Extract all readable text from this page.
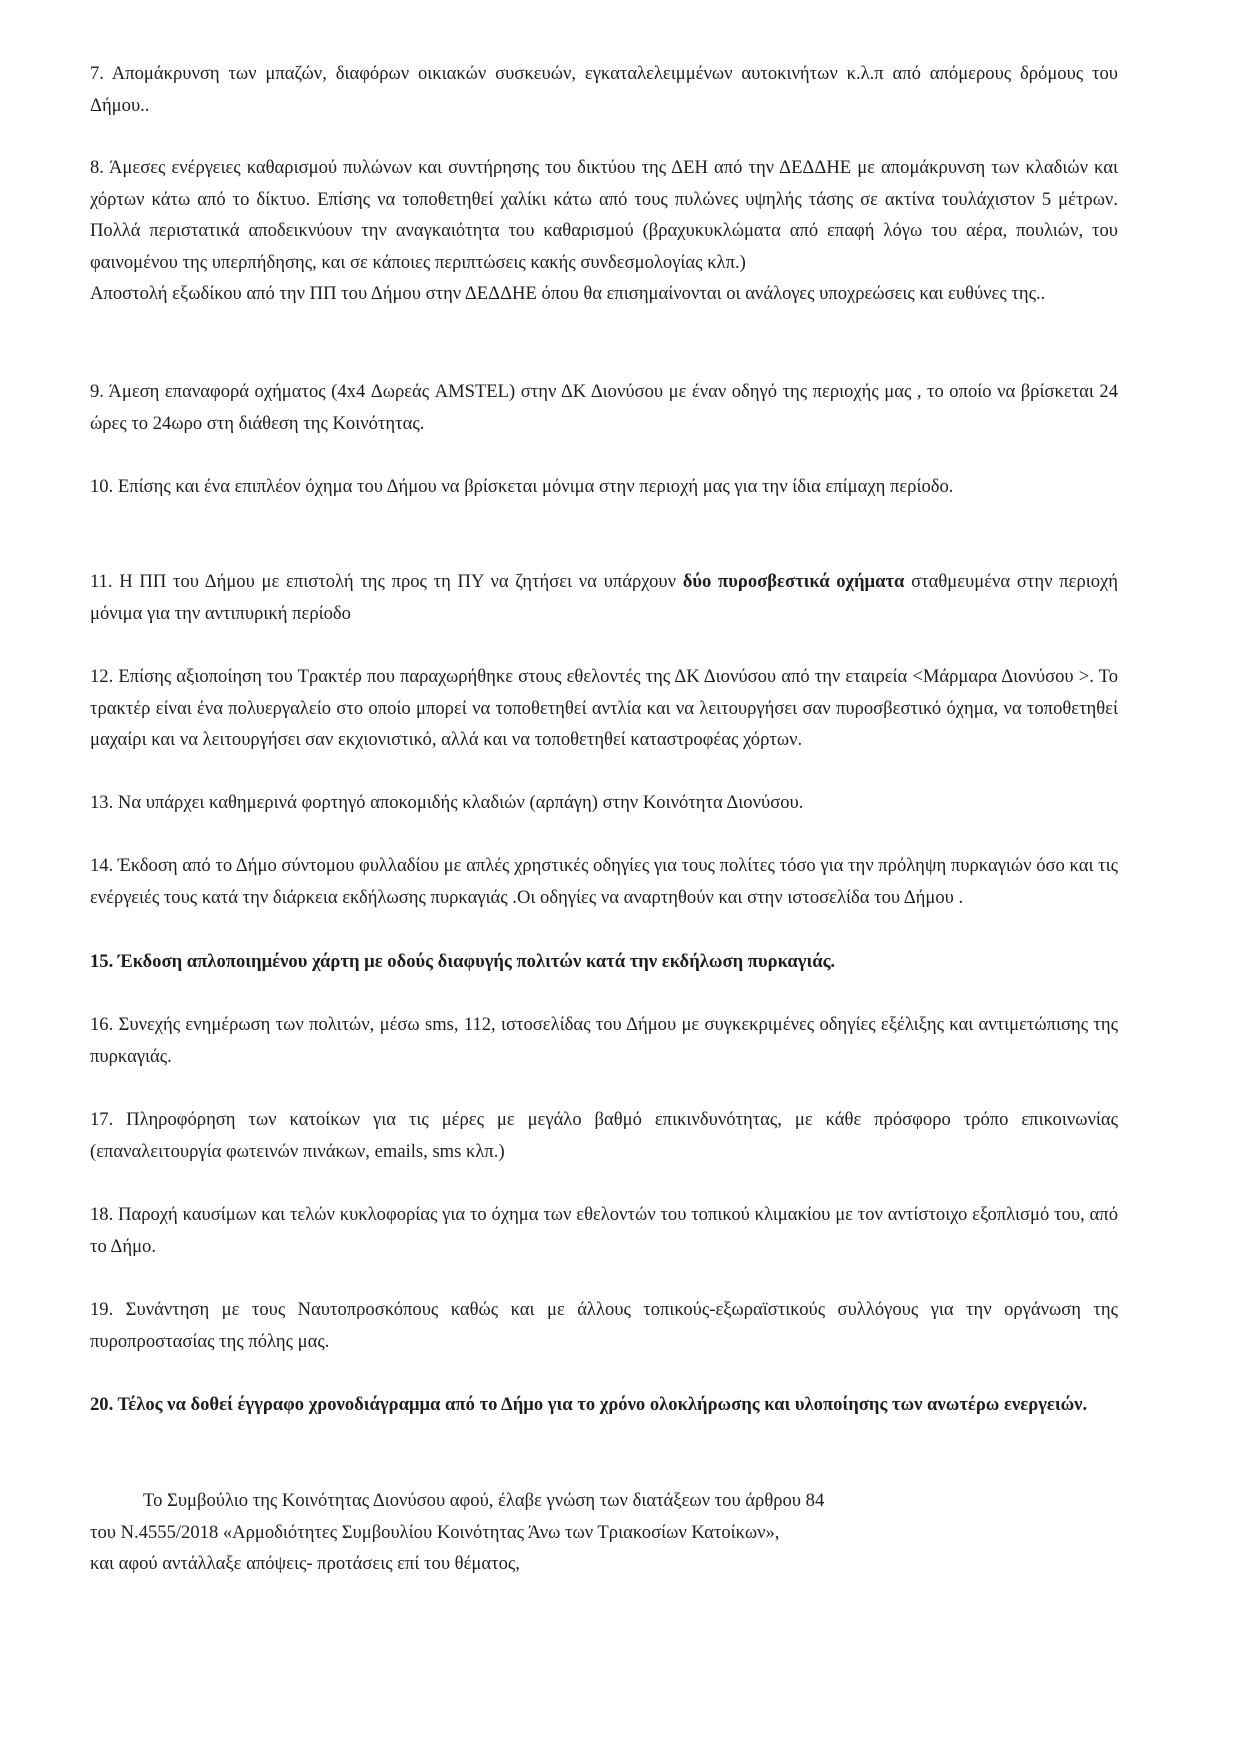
7. Απομάκρυνση των μπαζών, διαφόρων οικιακών συσκευών, εγκαταλελειμμένων αυτοκινήτων κ.λ.π από απόμερους δρόμους του Δήμου..

8. Άμεσες ενέργειες καθαρισμού πυλώνων και συντήρησης του δικτύου της ΔΕΗ από την ΔΕΔΔΗΕ με απομάκρυνση των κλαδιών και χόρτων κάτω από το δίκτυο. Επίσης να τοποθετηθεί χαλίκι κάτω από τους πυλώνες υψηλής τάσης σε ακτίνα τουλάχιστον 5 μέτρων. Πολλά περιστατικά αποδεικνύουν την αναγκαιότητα του καθαρισμού (βραχυκυκλώματα από επαφή λόγω του αέρα, πουλιών, του φαινομένου της υπερπήδησης, και σε κάποιες περιπτώσεις κακής συνδεσμολογίας κλπ.)
Αποστολή εξωδίκου από την ΠΠ του Δήμου στην ΔΕΔΔΗΕ όπου θα επισημαίνονται οι ανάλογες υποχρεώσεις και ευθύνες της..

9. Άμεση επαναφορά οχήματος (4x4 Δωρεάς AMSTEL) στην ΔΚ Διονύσου με έναν οδηγό της περιοχής μας , το οποίο να βρίσκεται 24 ώρες το 24ωρο στη διάθεση της Κοινότητας.

10. Επίσης και ένα επιπλέον όχημα του Δήμου να βρίσκεται μόνιμα στην περιοχή μας για την ίδια επίμαχη περίοδο.

11. Η ΠΠ του Δήμου με επιστολή της προς τη ΠΥ να ζητήσει να υπάρχουν δύο πυροσβεστικά οχήματα σταθμευμένα στην περιοχή μόνιμα για την αντιπυρική περίοδο

12. Επίσης αξιοποίηση του Τρακτέρ που παραχωρήθηκε στους εθελοντές της ΔΚ Διονύσου από την εταιρεία <Μάρμαρα Διονύσου >. Το τρακτέρ είναι ένα πολυεργαλείο στο οποίο μπορεί να τοποθετηθεί αντλία και να λειτουργήσει σαν πυροσβεστικό όχημα, να τοποθετηθεί μαχαίρι και να λειτουργήσει σαν εκχιονιστικό, αλλά και να τοποθετηθεί καταστροφέας χόρτων.

13. Να υπάρχει καθημερινά φορτηγό αποκομιδής κλαδιών (αρπάγη) στην Κοινότητα Διονύσου.

14. Έκδοση από το Δήμο σύντομου φυλλαδίου με απλές χρηστικές οδηγίες για τους πολίτες τόσο για την πρόληψη πυρκαγιών όσο και τις ενέργειές τους κατά την διάρκεια εκδήλωσης πυρκαγιάς .Οι οδηγίες να αναρτηθούν και στην ιστοσελίδα του Δήμου .

15. Έκδοση απλοποιημένου χάρτη με οδούς διαφυγής πολιτών κατά την εκδήλωση πυρκαγιάς.

16. Συνεχής ενημέρωση των πολιτών, μέσω sms, 112, ιστοσελίδας του Δήμου με συγκεκριμένες οδηγίες εξέλιξης και αντιμετώπισης της πυρκαγιάς.

17. Πληροφόρηση των κατοίκων για τις μέρες με μεγάλο βαθμό επικινδυνότητας, με κάθε πρόσφορο τρόπο επικοινωνίας (επαναλειτουργία φωτεινών πινάκων, emails, sms κλπ.)

18. Παροχή καυσίμων και τελών κυκλοφορίας για το όχημα των εθελοντών του τοπικού κλιμακίου με τον αντίστοιχο εξοπλισμό του, από το Δήμο.

19. Συνάντηση με τους Ναυτοπροσκόπους καθώς και με άλλους τοπικούς-εξωραϊστικούς συλλόγους για την οργάνωση της πυροπροστασίας της πόλης μας.

20. Τέλος να δοθεί έγγραφο χρονοδιάγραμμα από το Δήμο για το χρόνο ολοκλήρωσης και υλοποίησης των ανωτέρω ενεργειών.

Το Συμβούλιο της Κοινότητας Διονύσου αφού, έλαβε γνώση των διατάξεων του άρθρου 84
του Ν.4555/2018 «Αρμοδιότητες Συμβουλίου Κοινότητας Άνω των Τριακοσίων Κατοίκων»,
και αφού αντάλλαξε απόψεις- προτάσεις επί του θέματος,
